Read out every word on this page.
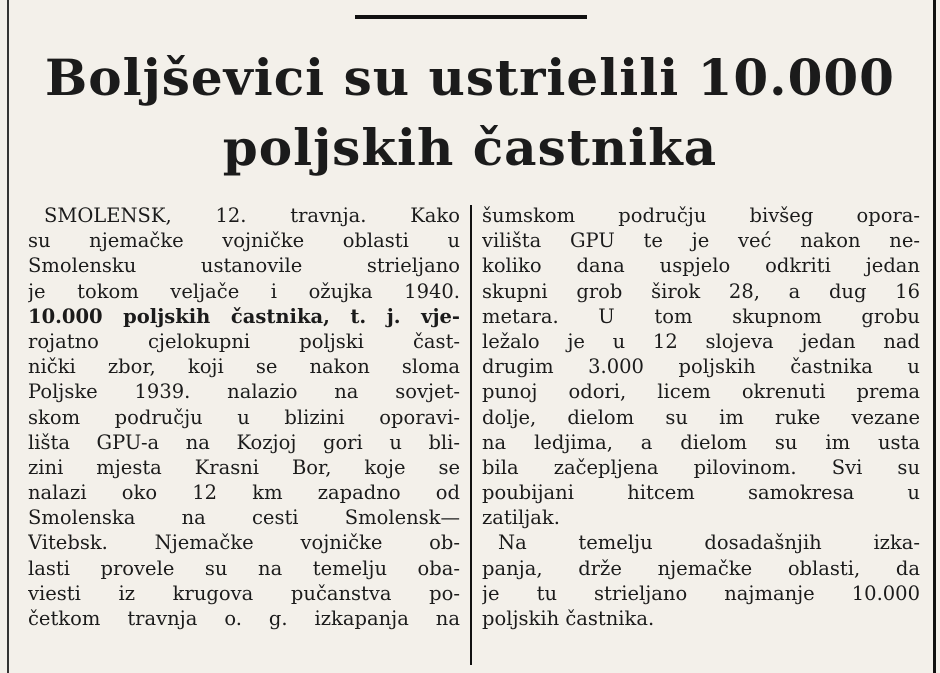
Boljševici su ustrielili 10.000
poljskih častnika
SMOLENSK, 12. travnja. Kako
su njemačke vojničke oblasti u
Smolensku ustanovile strieljano
je tokom veljače i ožujka 1940.
10.000 poljskih častnika, t. j. vje-
rojatno cjelokupni poljski čast-
nički zbor, koji se nakon sloma
Poljske 1939. nalazio na sovjet-
skom području u blizini oporavi-
lišta GPU-a na Kozjoj gori u bli-
zini mjesta Krasni Bor, koje se
nalazi oko 12 km zapadno od
Smolenska na cesti Smolensk—
Vitebsk. Njemačke vojničke ob-
lasti provele su na temelju oba-
viesti iz krugova pučanstva po-
četkom travnja o. g. izkapanja na
šumskom području bivšeg opora-
vilišta GPU te je već nakon ne-
koliko dana uspjelo odkriti jedan
skupni grob širok 28, a dug 16
metara. U tom skupnom grobu
ležalo je u 12 slojeva jedan nad
drugim 3.000 poljskih častnika u
punoj odori, licem okrenuti prema
dolje, dielom su im ruke vezane
na ledjima, a dielom su im usta
bila začepljena pilovinom. Svi su
poubijani hitcem samokresa u
zatiljak.
Na temelju dosadašnjih izka-
panja, drže njemačke oblasti, da
je tu strieljano najmanje 10.000
poljskih častnika.
